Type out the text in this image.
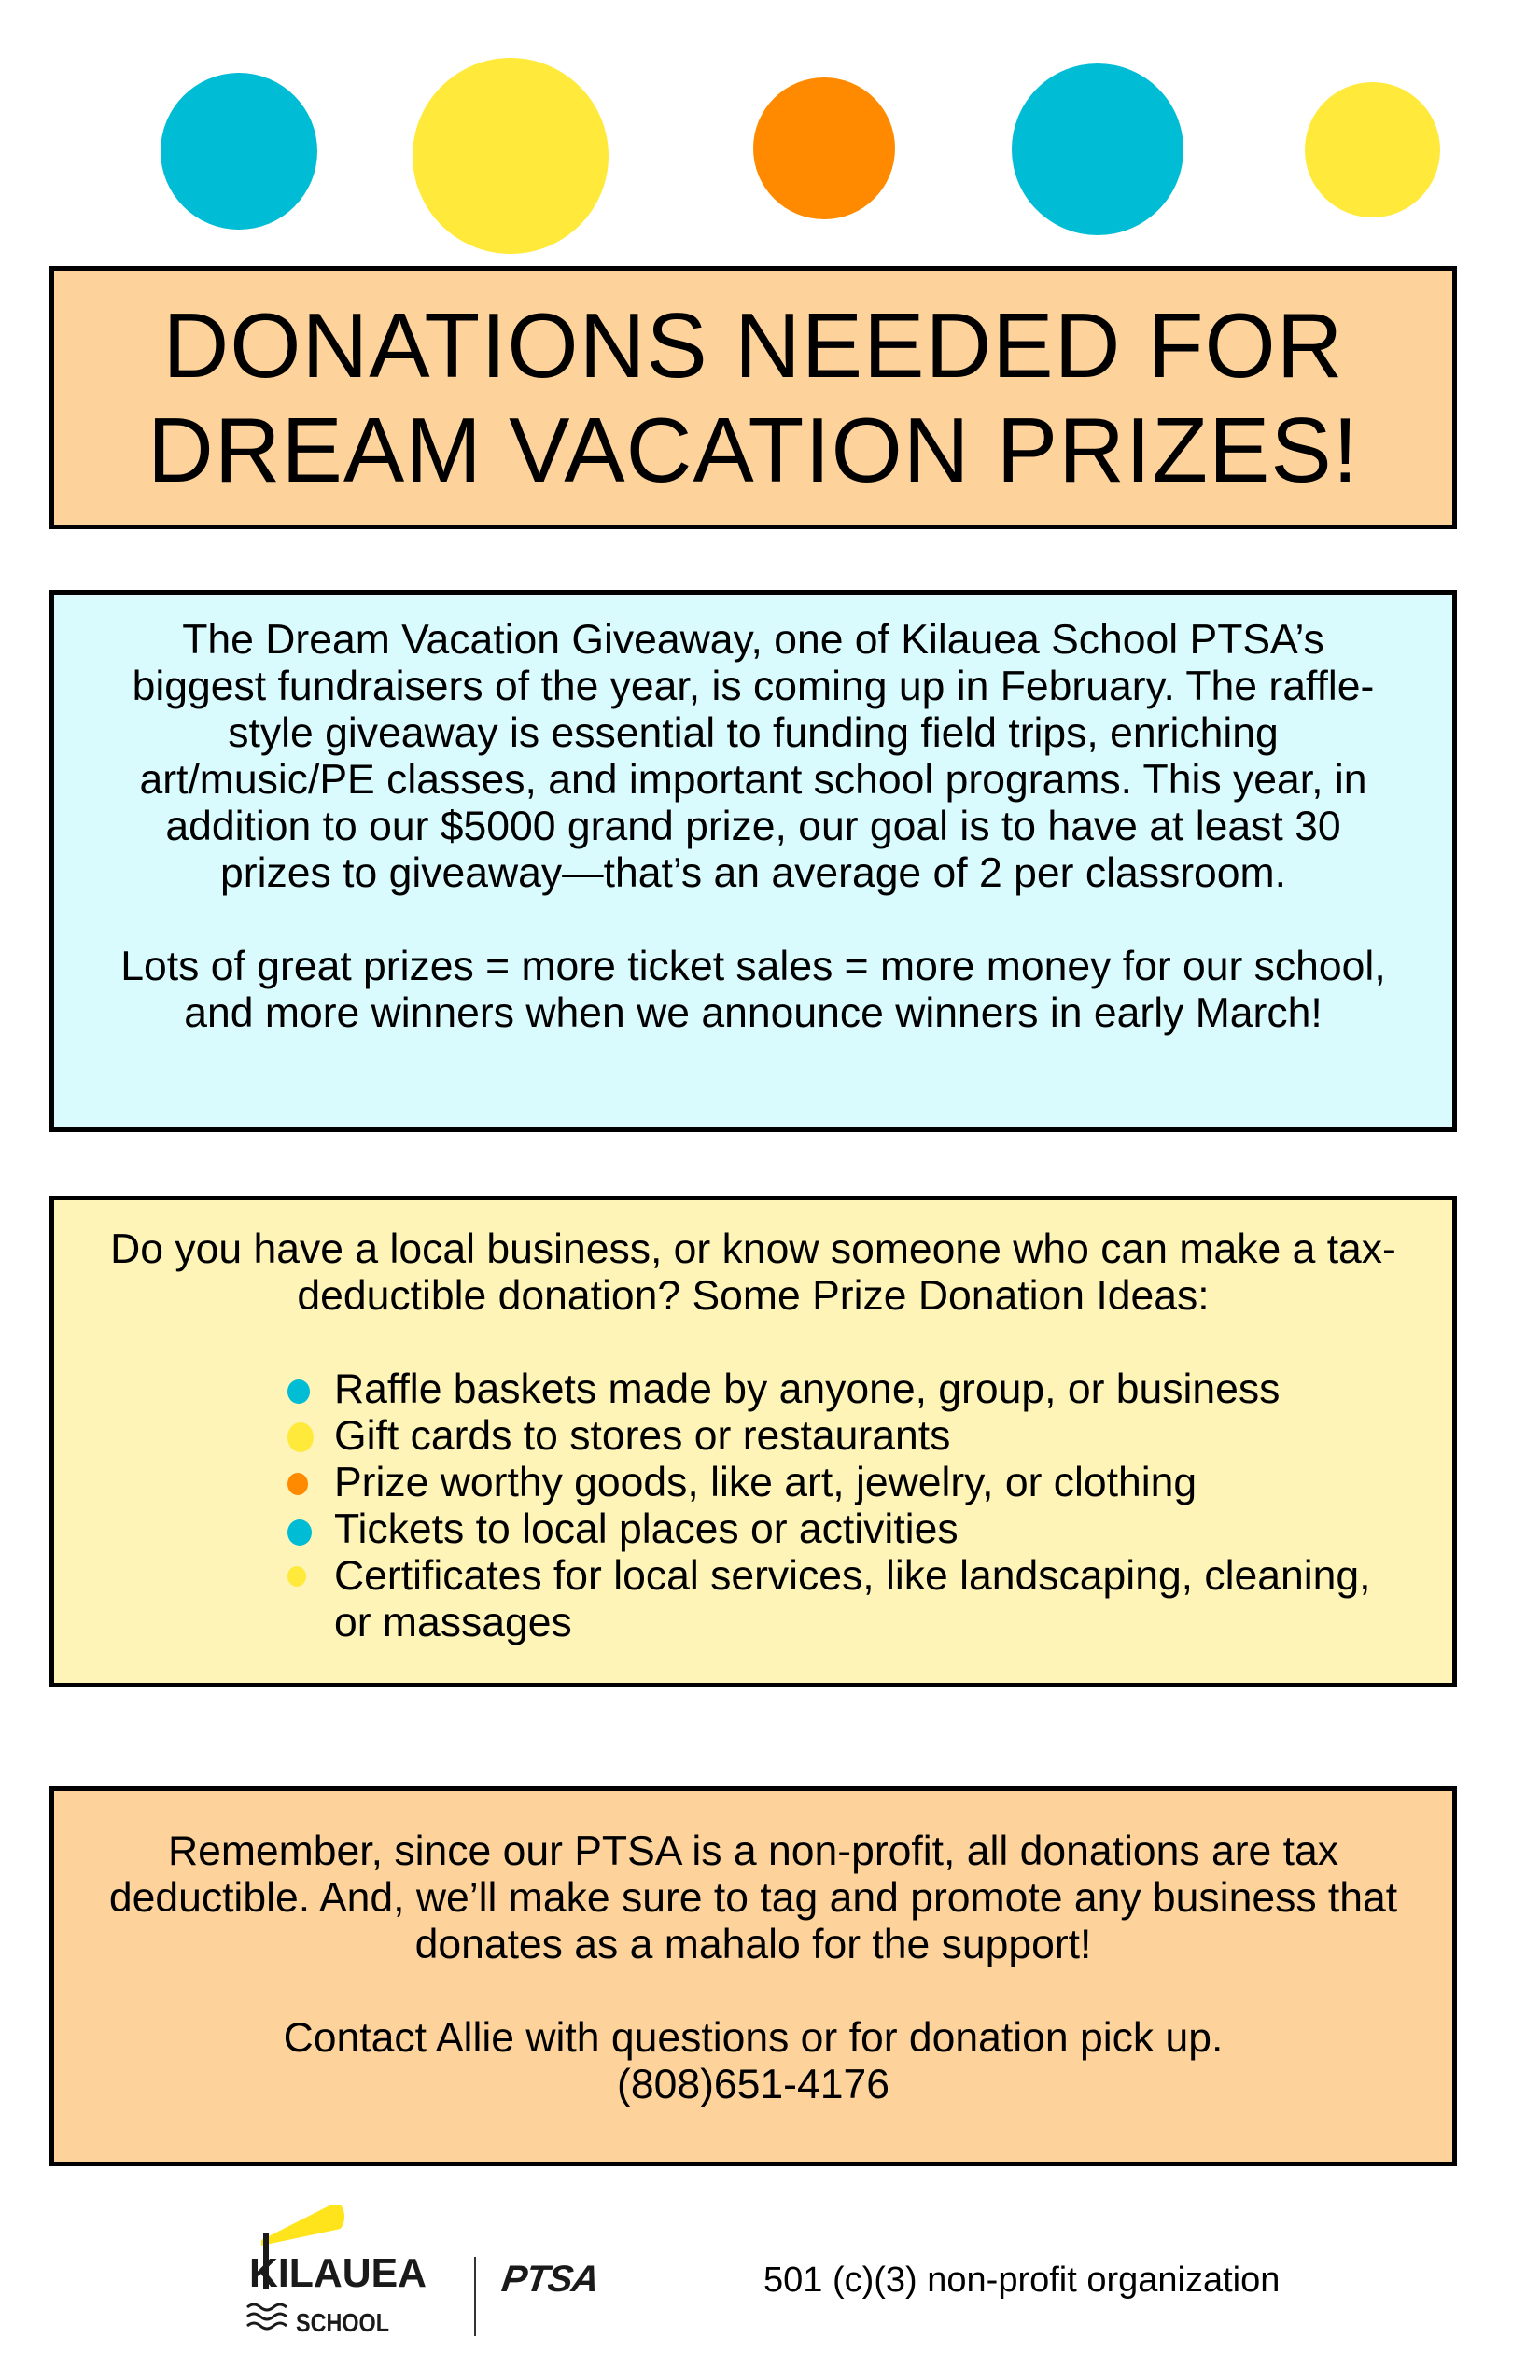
DONATIONS NEEDED FOR
DREAM VACATION PRIZES!

The Dream Vacation Giveaway, one of Kilauea School PTSA’s biggest fundraisers of the year, is coming up in February. The raffle-style giveaway is essential to funding field trips, enriching art/music/PE classes, and important school programs. This year, in addition to our $5000 grand prize, our goal is to have at least 30 prizes to giveaway—that’s an average of 2 per classroom.

Lots of great prizes = more ticket sales = more money for our school, and more winners when we announce winners in early March!

Do you have a local business, or know someone who can make a tax-deductible donation? Some Prize Donation Ideas:

Raffle baskets made by anyone, group, or business
Gift cards to stores or restaurants
Prize worthy goods, like art, jewelry, or clothing
Tickets to local places or activities
Certificates for local services, like landscaping, cleaning, or massages

Remember, since our PTSA is a non-profit, all donations are tax deductible. And, we’ll make sure to tag and promote any business that donates as a mahalo for the support!

Contact Allie with questions or for donation pick up.
(808)651-4176
KILAUEA
SCHOOL
PTSA	501 (c)(3) non-profit organization
